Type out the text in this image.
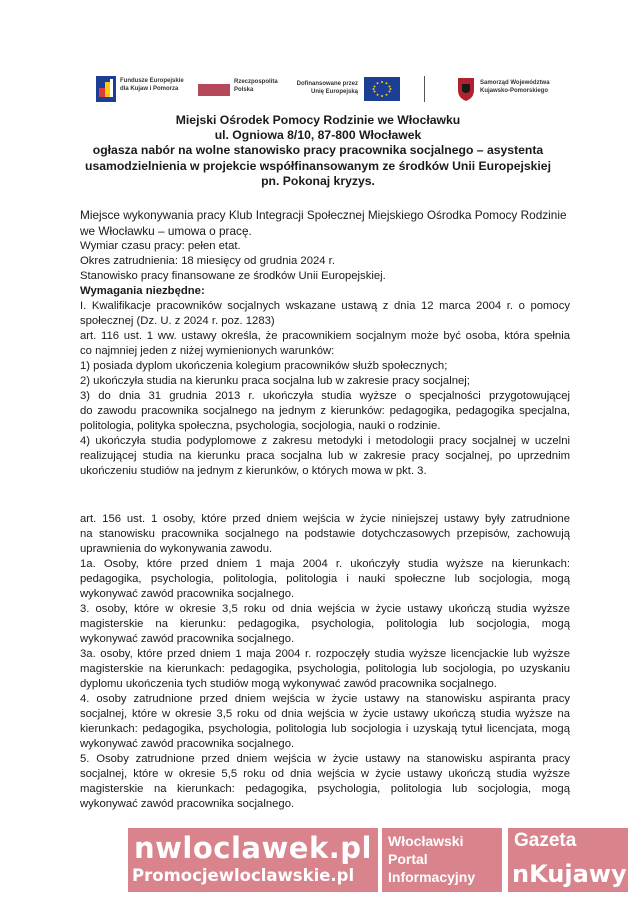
Fundusze Europejskie
dla Kujaw i Pomorza
Rzeczpospolita
Polska
Dofinansowane przez
Unię Europejską
Samorząd Województwa
Kujawsko-Pomorskiego
Miejski Ośrodek Pomocy Rodzinie we Włocławku
ul. Ogniowa 8/10, 87-800 Włocławek
ogłasza nabór na wolne stanowisko pracy pracownika socjalnego – asystenta
usamodzielnienia w projekcie współfinansowanym ze środków Unii Europejskiej
pn. Pokonaj kryzys.
Miejsce wykonywania pracy Klub Integracji Społecznej Miejskiego Ośrodka Pomocy Rodzinie
we Włocławku – umowa o pracę.
Wymiar czasu pracy: pełen etat.
Okres zatrudnienia: 18 miesięcy od grudnia 2024 r.
Stanowisko pracy finansowane ze środków Unii Europejskiej.
Wymagania niezbędne:
I. Kwalifikacje pracowników socjalnych wskazane ustawą z dnia 12 marca 2004 r. o pomocy
społecznej (Dz. U. z 2024 r. poz. 1283)
art. 116 ust. 1 ww. ustawy określa, że pracownikiem socjalnym może być osoba, która spełnia
co najmniej jeden z niżej wymienionych warunków:
1) posiada dyplom ukończenia kolegium pracowników służb społecznych;
2) ukończyła studia na kierunku praca socjalna lub w zakresie pracy socjalnej;
3) do dnia 31 grudnia 2013 r. ukończyła studia wyższe o specjalności przygotowującej
do zawodu pracownika socjalnego na jednym z kierunków: pedagogika, pedagogika specjalna,
politologia, polityka społeczna, psychologia, socjologia, nauki o rodzinie.
4) ukończyła studia podyplomowe z zakresu metodyki i metodologii pracy socjalnej w uczelni
realizującej studia na kierunku praca socjalna lub w zakresie pracy socjalnej, po uprzednim
ukończeniu studiów na jednym z kierunków, o których mowa w pkt. 3.
art. 156 ust. 1 osoby, które przed dniem wejścia w życie niniejszej ustawy były zatrudnione
na stanowisku pracownika socjalnego na podstawie dotychczasowych przepisów, zachowują
uprawnienia do wykonywania zawodu.
1a. Osoby, które przed dniem 1 maja 2004 r. ukończyły studia wyższe na kierunkach:
pedagogika, psychologia, politologia, politologia i nauki społeczne lub socjologia, mogą
wykonywać zawód pracownika socjalnego.
3. osoby, które w okresie 3,5 roku od dnia wejścia w życie ustawy ukończą studia wyższe
magisterskie na kierunku: pedagogika, psychologia, politologia lub socjologia, mogą
wykonywać zawód pracownika socjalnego.
3a. osoby, które przed dniem 1 maja 2004 r. rozpoczęły studia wyższe licencjackie lub wyższe
magisterskie na kierunkach: pedagogika, psychologia, politologia lub socjologia, po uzyskaniu
dyplomu ukończenia tych studiów mogą wykonywać zawód pracownika socjalnego.
4. osoby zatrudnione przed dniem wejścia w życie ustawy na stanowisku aspiranta pracy
socjalnej, które w okresie 3,5 roku od dnia wejścia w życie ustawy ukończą studia wyższe na
kierunkach: pedagogika, psychologia, politologia lub socjologia i uzyskają tytuł licencjata, mogą
wykonywać zawód pracownika socjalnego.
5. Osoby zatrudnione przed dniem wejścia w życie ustawy na stanowisku aspiranta pracy
socjalnej, które w okresie 5,5 roku od dnia wejścia w życie ustawy ukończą studia wyższe
magisterskie na kierunkach: pedagogika, psychologia, politologia lub socjologia, mogą
wykonywać zawód pracownika socjalnego.
nwloclawek.pl
Promocjewloclawskie.pl
Włocławski
Portal
Informacyjny
Gazeta
nKujawy
